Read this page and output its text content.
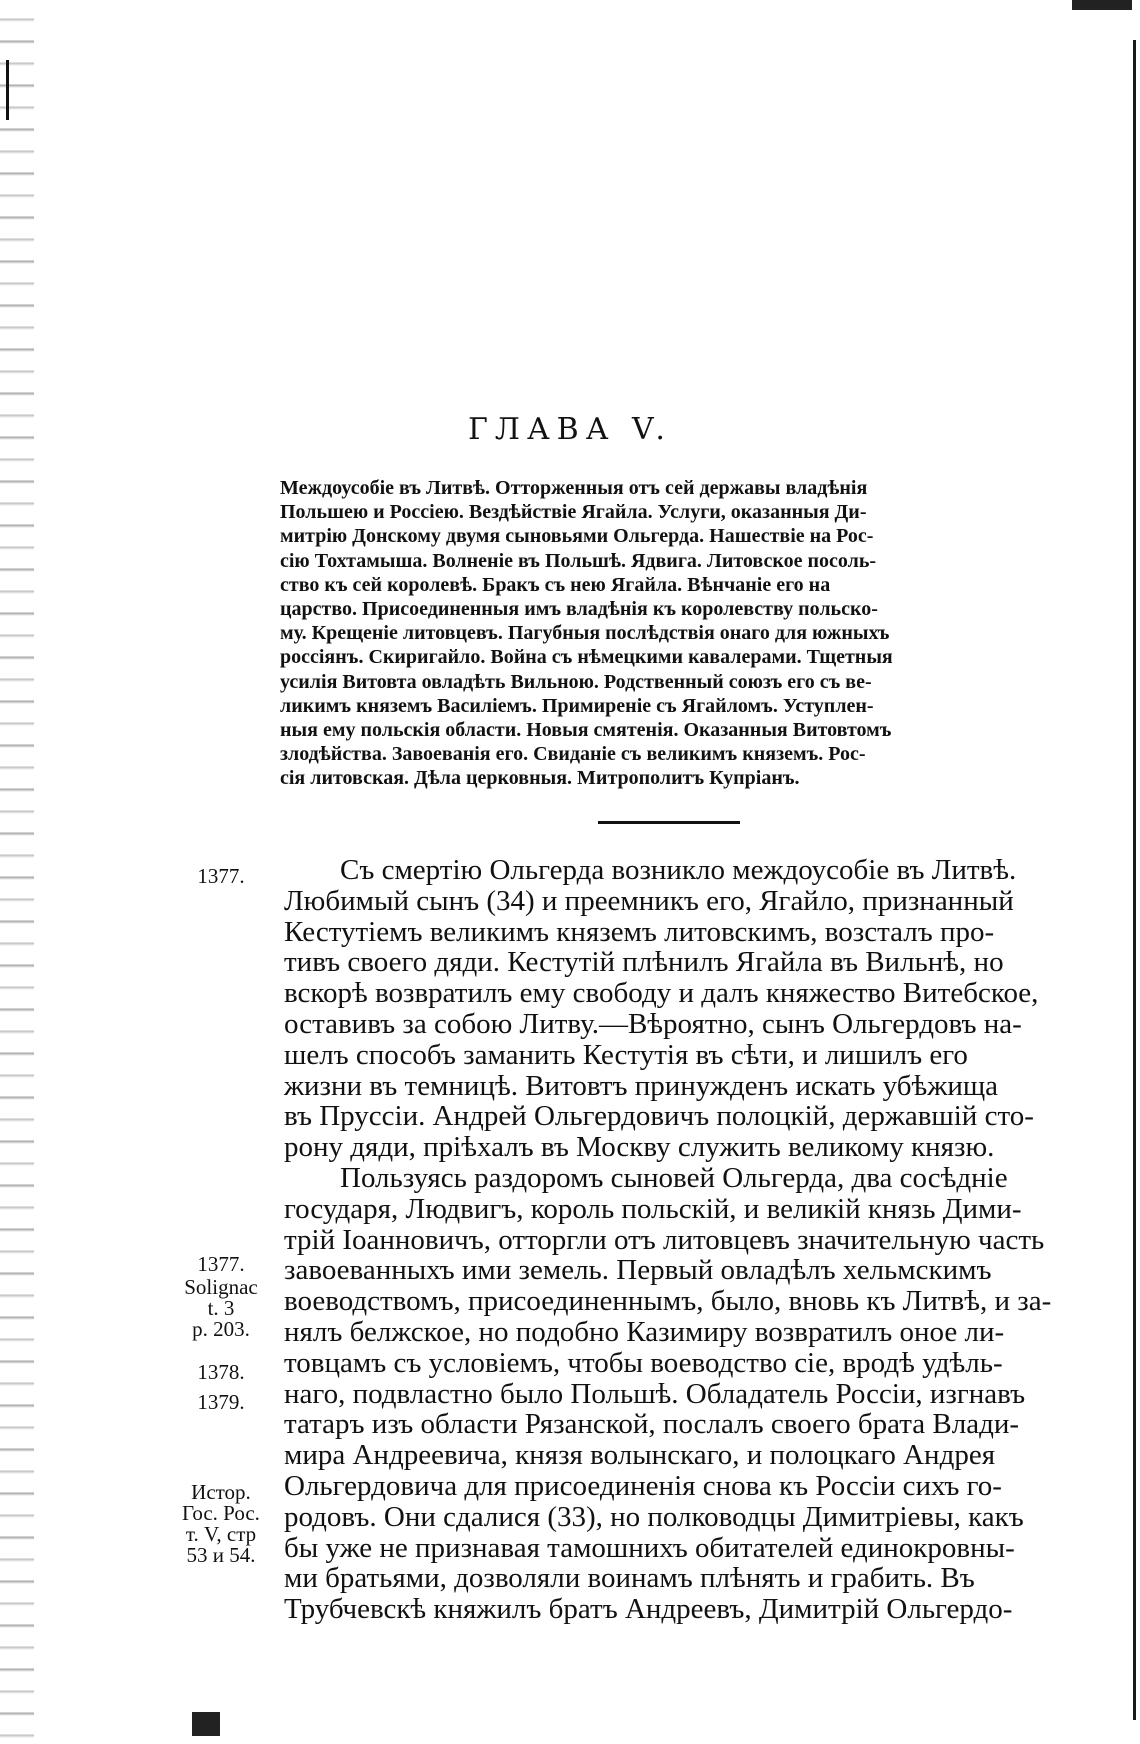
ГЛАВА V.
Междоусобіе въ Литвѣ. Отторженныя отъ сей державы владѣнія
Польшею и Россіею. Вездѣйствіе Ягайла. Услуги, оказанныя Ди-
митрію Донскому двумя сыновьями Ольгерда. Нашествіе на Рос-
сію Тохтамыша. Волненіе въ Польшѣ. Ядвига. Литовское посоль-
ство къ сей королевѣ. Бракъ съ нею Ягайла. Вѣнчаніе его на
царство. Присоединенныя имъ владѣнія къ королевству польско-
му. Крещеніе литовцевъ. Пагубныя послѣдствія онаго для южныхъ
россіянъ. Скиригайло. Война съ нѣмецкими кавалерами. Тщетныя
усилія Витовта овладѣть Вильною. Родственный союзъ его съ ве-
ликимъ княземъ Василіемъ. Примиреніе съ Ягайломъ. Уступлен-
ныя ему польскія области. Новыя смятенія. Оказанныя Витовтомъ
злодѣйства. Завоеванія его. Свиданіе съ великимъ княземъ. Рос-
сія литовская. Дѣла церковныя. Митрополитъ Купріанъ.
Съ смертію Ольгерда возникло междоусобіе въ Литвѣ.
Любимый сынъ (34) и преемникъ его, Ягайло, признанный
Кестутіемъ великимъ княземъ литовскимъ, возсталъ про-
тивъ своего дяди. Кестутій плѣнилъ Ягайла въ Вильнѣ, но
вскорѣ возвратилъ ему свободу и далъ княжество Витебское,
оставивъ за собою Литву.—Вѣроятно, сынъ Ольгердовъ на-
шелъ способъ заманить Кестутія въ сѣти, и лишилъ его
жизни въ темницѣ. Витовтъ принужденъ искать убѣжища
въ Пруссіи. Андрей Ольгердовичъ полоцкій, державшій сто-
рону дяди, пріѣхалъ въ Москву служить великому князю.
Пользуясь раздоромъ сыновей Ольгерда, два сосѣдніе
государя, Людвигъ, король польскій, и великій князь Дими-
трій Іоанновичъ, отторгли отъ литовцевъ значительную часть
завоеванныхъ ими земель. Первый овладѣлъ хельмскимъ
воеводствомъ, присоединеннымъ, было, вновь къ Литвѣ, и за-
нялъ белжское, но подобно Казимиру возвратилъ оное ли-
товцамъ съ условіемъ, чтобы воеводство сіе, вродѣ удѣль-
наго, подвластно было Польшѣ. Обладатель Россіи, изгнавъ
татаръ изъ области Рязанской, послалъ своего брата Влади-
мира Андреевича, князя волынскаго, и полоцкаго Андрея
Ольгердовича для присоединенія снова къ Россіи сихъ го-
родовъ. Они сдалися (33), но полководцы Димитріевы, какъ
бы уже не признавая тамошнихъ обитателей единокровны-
ми братьями, дозволяли воинамъ плѣнять и грабить. Въ
Трубчевскѣ княжилъ братъ Андреевъ, Димитрій Ольгердо-
1377.
1377.
Solignac
t. 3
p. 203.
1378.
1379.
Истор.
Гос. Рос.
т. V, стр
53 и 54.
